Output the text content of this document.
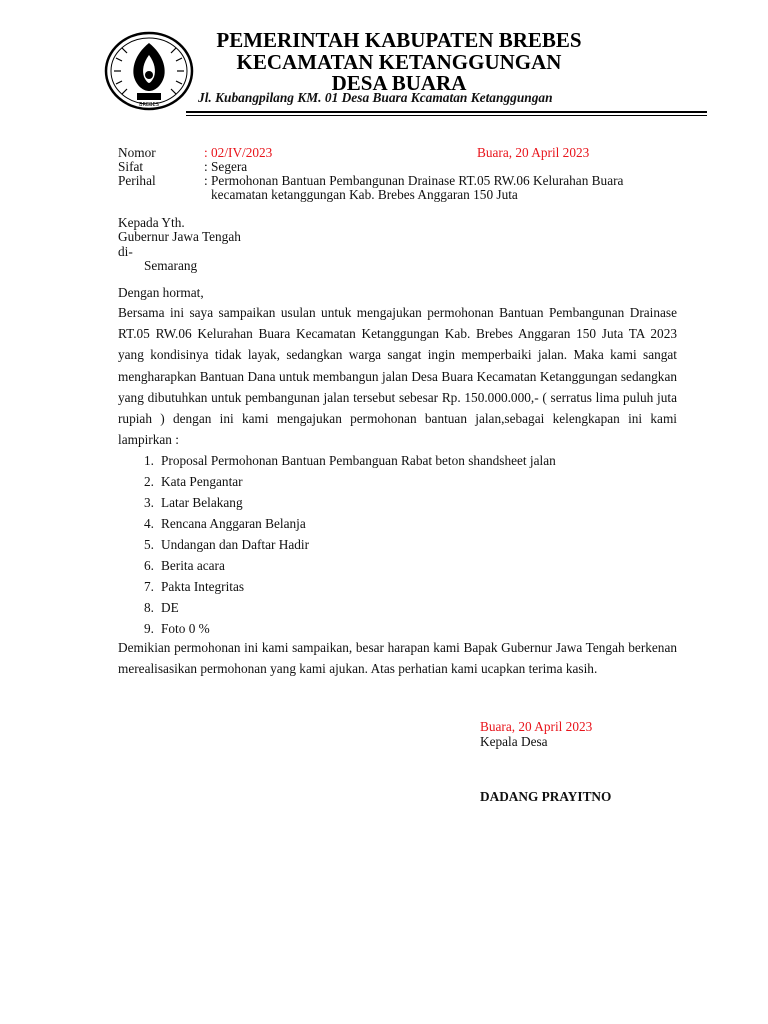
BREBES
PEMERINTAH KABUPATEN BREBES
KECAMATAN KETANGGUNGAN
DESA BUARA
Jl. Kubangpilang KM. 01 Desa Buara Kcamatan Ketanggungan
Nomor	: 02/IV/2023	Buara, 20 April 2023
Sifat	: Segera
Perihal	: Permohonan Bantuan Pembangunan Drainase RT.05 RW.06 Kelurahan Buara
kecamatan ketanggungan Kab. Brebes Anggaran 150 Juta
Kepada Yth.
Gubernur Jawa Tengah
di-
Semarang
Dengan hormat,
Bersama ini saya sampaikan usulan untuk mengajukan permohonan Bantuan Pembangunan Drainase RT.05 RW.06 Kelurahan Buara Kecamatan Ketanggungan Kab. Brebes Anggaran 150 Juta TA 2023 yang kondisinya tidak layak, sedangkan warga sangat ingin memperbaiki jalan. Maka kami sangat mengharapkan Bantuan Dana untuk membangun jalan Desa Buara Kecamatan Ketanggungan sedangkan yang dibutuhkan untuk pembangunan jalan tersebut sebesar Rp. 150.000.000,- ( serratus lima puluh juta rupiah ) dengan ini kami mengajukan permohonan bantuan jalan,sebagai kelengkapan ini kami lampirkan :
1. Proposal Permohonan Bantuan Pembanguan Rabat beton shandsheet jalan
2. Kata Pengantar
3. Latar Belakang
4. Rencana Anggaran Belanja
5. Undangan dan Daftar Hadir
6. Berita acara
7. Pakta Integritas
8. DE
9. Foto 0 %
Demikian permohonan ini kami sampaikan, besar harapan kami Bapak Gubernur Jawa Tengah berkenan merealisasikan permohonan yang kami ajukan. Atas perhatian kami ucapkan terima kasih.
Buara, 20 April 2023
Kepala Desa
DADANG PRAYITNO
